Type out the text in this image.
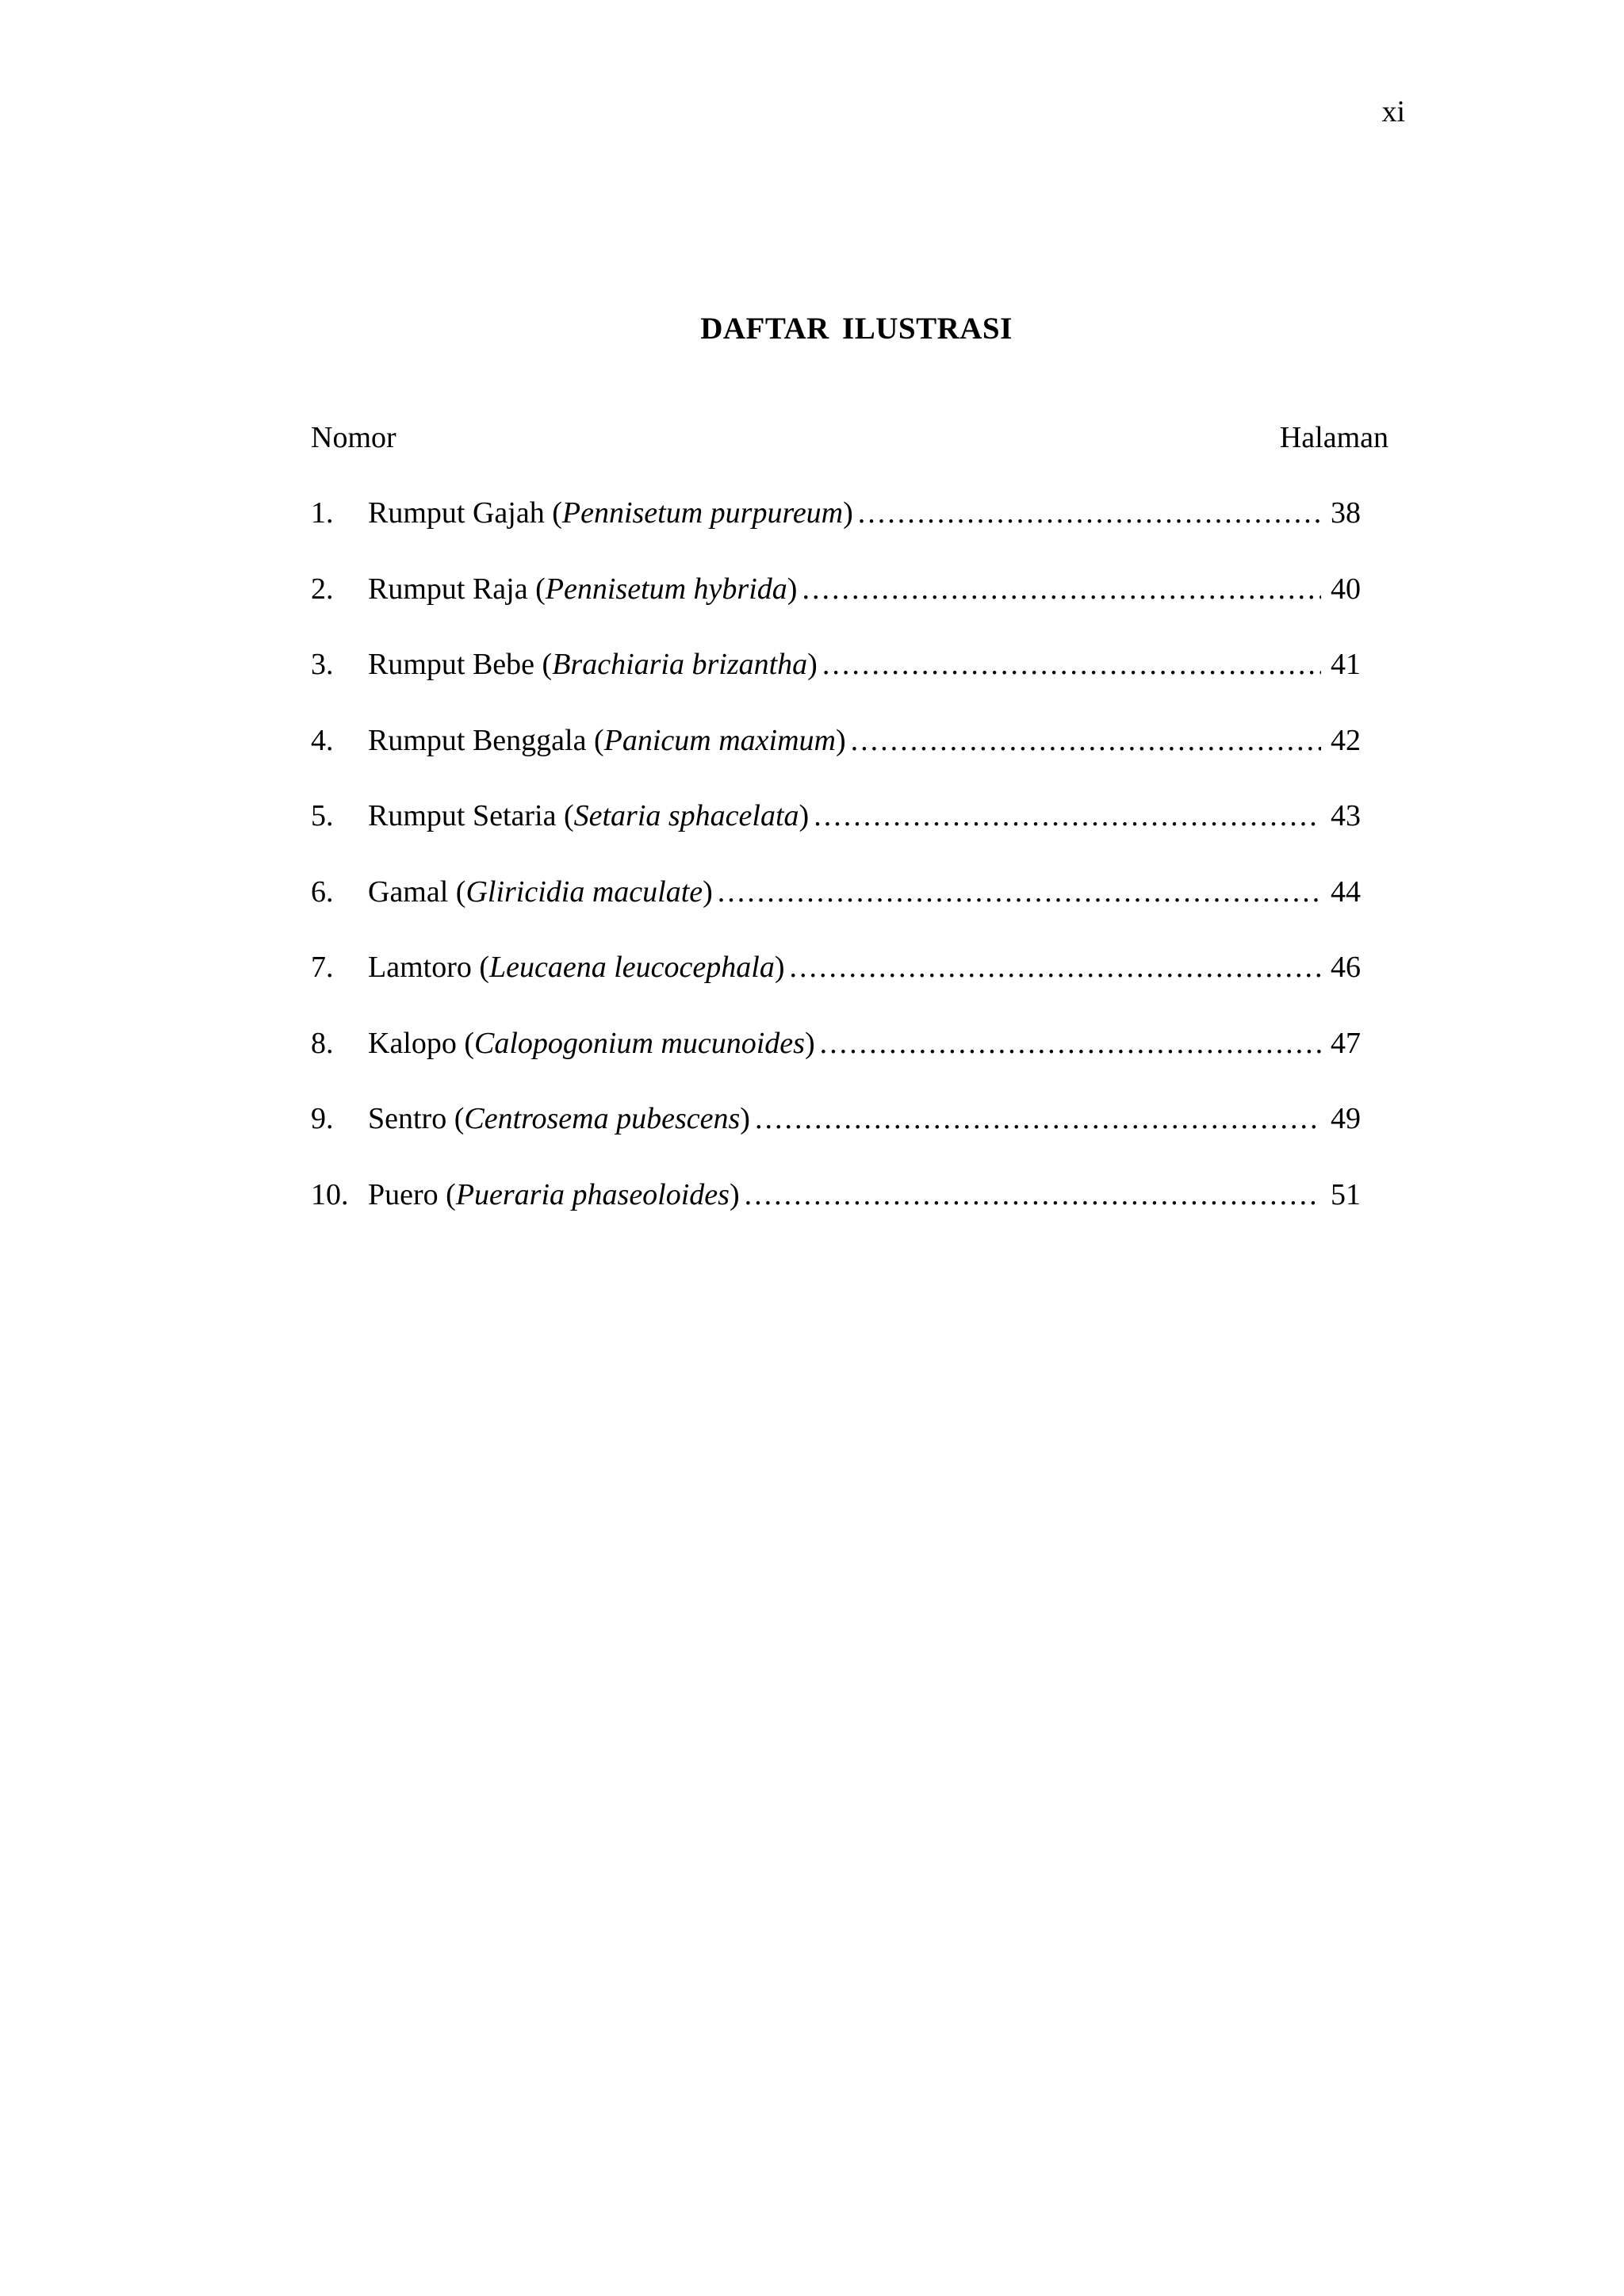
xi
DAFTAR ILUSTRASI
Nomor	Halaman
1.	Rumput Gajah (Pennisetum purpureum) .....	38
2.	Rumput Raja (Pennisetum hybrida) .....	40
3.	Rumput Bebe (Brachiaria brizantha) .....	41
4.	Rumput Benggala (Panicum maximum) .....	42
5.	Rumput Setaria (Setaria sphacelata) .....	43
6.	Gamal (Gliricidia maculate) .....	44
7.	Lamtoro (Leucaena leucocephala) .....	46
8.	Kalopo (Calopogonium mucunoides) .....	47
9.	Sentro (Centrosema pubescens) .....	49
10. Puero (Pueraria phaseoloides) .....	51
